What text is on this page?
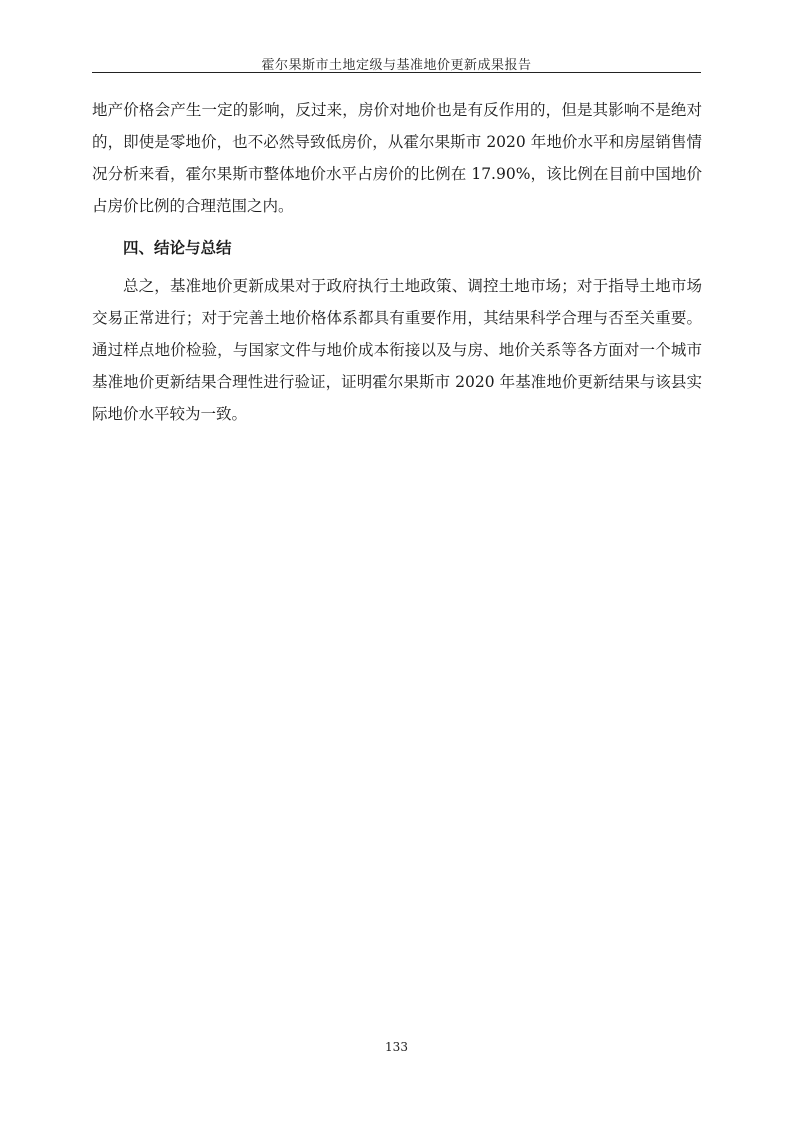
霍尔果斯市土地定级与基准地价更新成果报告

地产价格会产生一定的影响，反过来，房价对地价也是有反作用的，但是其影响不是绝对的，即使是零地价，也不必然导致低房价，从霍尔果斯市 2020 年地价水平和房屋销售情况分析来看，霍尔果斯市整体地价水平占房价的比例在 17.90%，该比例在目前中国地价占房价比例的合理范围之内。

四、结论与总结

总之，基准地价更新成果对于政府执行土地政策、调控土地市场；对于指导土地市场交易正常进行；对于完善土地价格体系都具有重要作用，其结果科学合理与否至关重要。通过样点地价检验，与国家文件与地价成本衔接以及与房、地价关系等各方面对一个城市基准地价更新结果合理性进行验证，证明霍尔果斯市 2020 年基准地价更新结果与该县实际地价水平较为一致。

133
